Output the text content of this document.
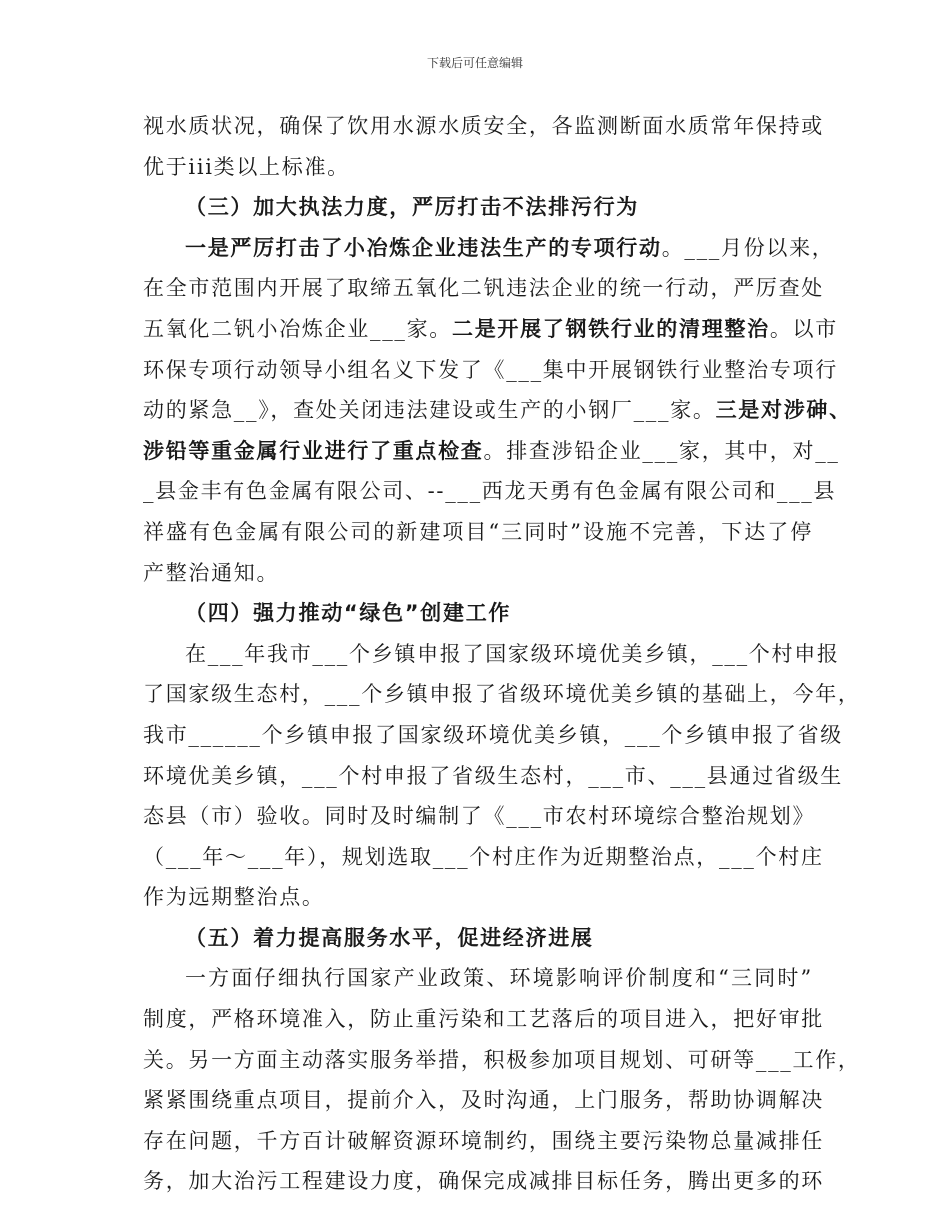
下载后可任意编辑
视水质状况，确保了饮用水源水质安全，各监测断面水质常年保持或
优于iii类以上标准。
（三）加大执法力度，严厉打击不法排污行为
一是严厉打击了小冶炼企业违法生产的专项行动。___月份以来，
在全市范围内开展了取缔五氧化二钒违法企业的统一行动，严厉查处
五氧化二钒小冶炼企业___家。二是开展了钢铁行业的清理整治。以市
环保专项行动领导小组名义下发了《___集中开展钢铁行业整治专项行
动的紧急__》，查处关闭违法建设或生产的小钢厂___家。三是对涉砷、
涉铅等重金属行业进行了重点检查。排查涉铅企业___家，其中，对__
_县金丰有色金属有限公司、--___西龙天勇有色金属有限公司和___县
祥盛有色金属有限公司的新建项目“三同时”设施不完善，下达了停
产整治通知。
（四）强力推动“绿色”创建工作
在___年我市___个乡镇申报了国家级环境优美乡镇，___个村申报
了国家级生态村，___个乡镇申报了省级环境优美乡镇的基础上，今年，
我市______个乡镇申报了国家级环境优美乡镇，___个乡镇申报了省级
环境优美乡镇，___个村申报了省级生态村，___市、___县通过省级生
态县（市）验收。同时及时编制了《___市农村环境综合整治规划》
（___年～___年），规划选取___个村庄作为近期整治点，___个村庄
作为远期整治点。
（五）着力提高服务水平，促进经济进展
一方面仔细执行国家产业政策、环境影响评价制度和“三同时”
制度，严格环境准入，防止重污染和工艺落后的项目进入，把好审批
关。另一方面主动落实服务举措，积极参加项目规划、可研等___工作，
紧紧围绕重点项目，提前介入，及时沟通，上门服务，帮助协调解决
存在问题，千方百计破解资源环境制约，围绕主要污染物总量减排任
务，加大治污工程建设力度，确保完成减排目标任务，腾出更多的环
